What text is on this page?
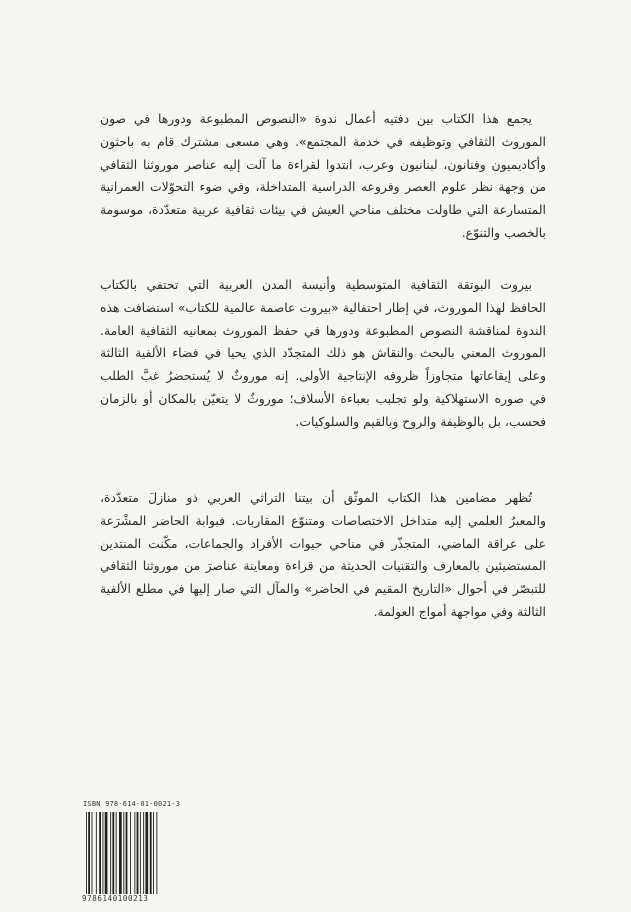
يجمع هذا الكتاب بين دفتيه أعمال ندوة «النصوص المطبوعة ودورها في صون
الموروث الثقافي وتوظيفه في خدمة المجتمع». وهي مسعى مشترك قام به باحثون
وأكاديميون وفنانون، لبنانيون وعرب، انتدوا لقراءة ما آلت إليه عناصر موروثنا الثقافي
من وجهة نظر علوم العصر وفروعه الدراسية المتداخلة، وفي ضوء التحوّلات العمرانية
المتسارعة التي طاولت مختلف مناحي العيش في بيئات ثقافية عربية متعدّدة، موسومة
بالخصب والتنوّع.
بيروت البوتقة الثقافية المتوسطية وأنيسة المدن العربية التي تحتفي بالكتاب
الحافظ لهذا الموروث، في إطار احتفالية «بيروت عاصمة عالمية للكتاب» استضافت هذه
الندوة لمناقشة النصوص المطبوعة ودورها في حفظ الموروث بمعانيه الثقافية العامة.
الموروث المعني بالبحث والنقاش هو ذلك المتجدّد الذي يحيا في فضاء الألفية الثالثة
وعلى إيقاعاتها متجاوزاً ظروفه الإنتاجية الأولى. إنه موروثٌ لا يُستحضرُ غبَّ الطلب
في صوره الاستهلاكية ولو تجلبب بعباءة الأسلاف؛ موروثٌ لا يتعيّن بالمكان أو بالزمان
فحسب، بل بالوظيفة والروح وبالقيم والسلوكيات.
تُظهر مضامين هذا الكتاب الموثّق أن بيتنا التراثي العربي ذو منازلَ متعدّدة،
والمعبرُ العلمي إليه متداخل الاختصاصات ومتنوّع المقاربات. فبوابة الحاضر المشْرَعة
على عراقة الماضي، المتجذّر في مناحي حيوات الأفراد والجماعات، مكّنت المنتدين
المستضيئين بالمعارف والتقنيات الحديثة من قراءة ومعاينة عناصرَ من موروثنا الثقافي
للتبصّر في أحوال «التاريخ المقيم في الحاضر» والمآل التي صار إليها في مطلع الألفية
الثالثة وفي مواجهة أمواج العولمة.
ISBN 978-614-01-0021-3
9786140100213
